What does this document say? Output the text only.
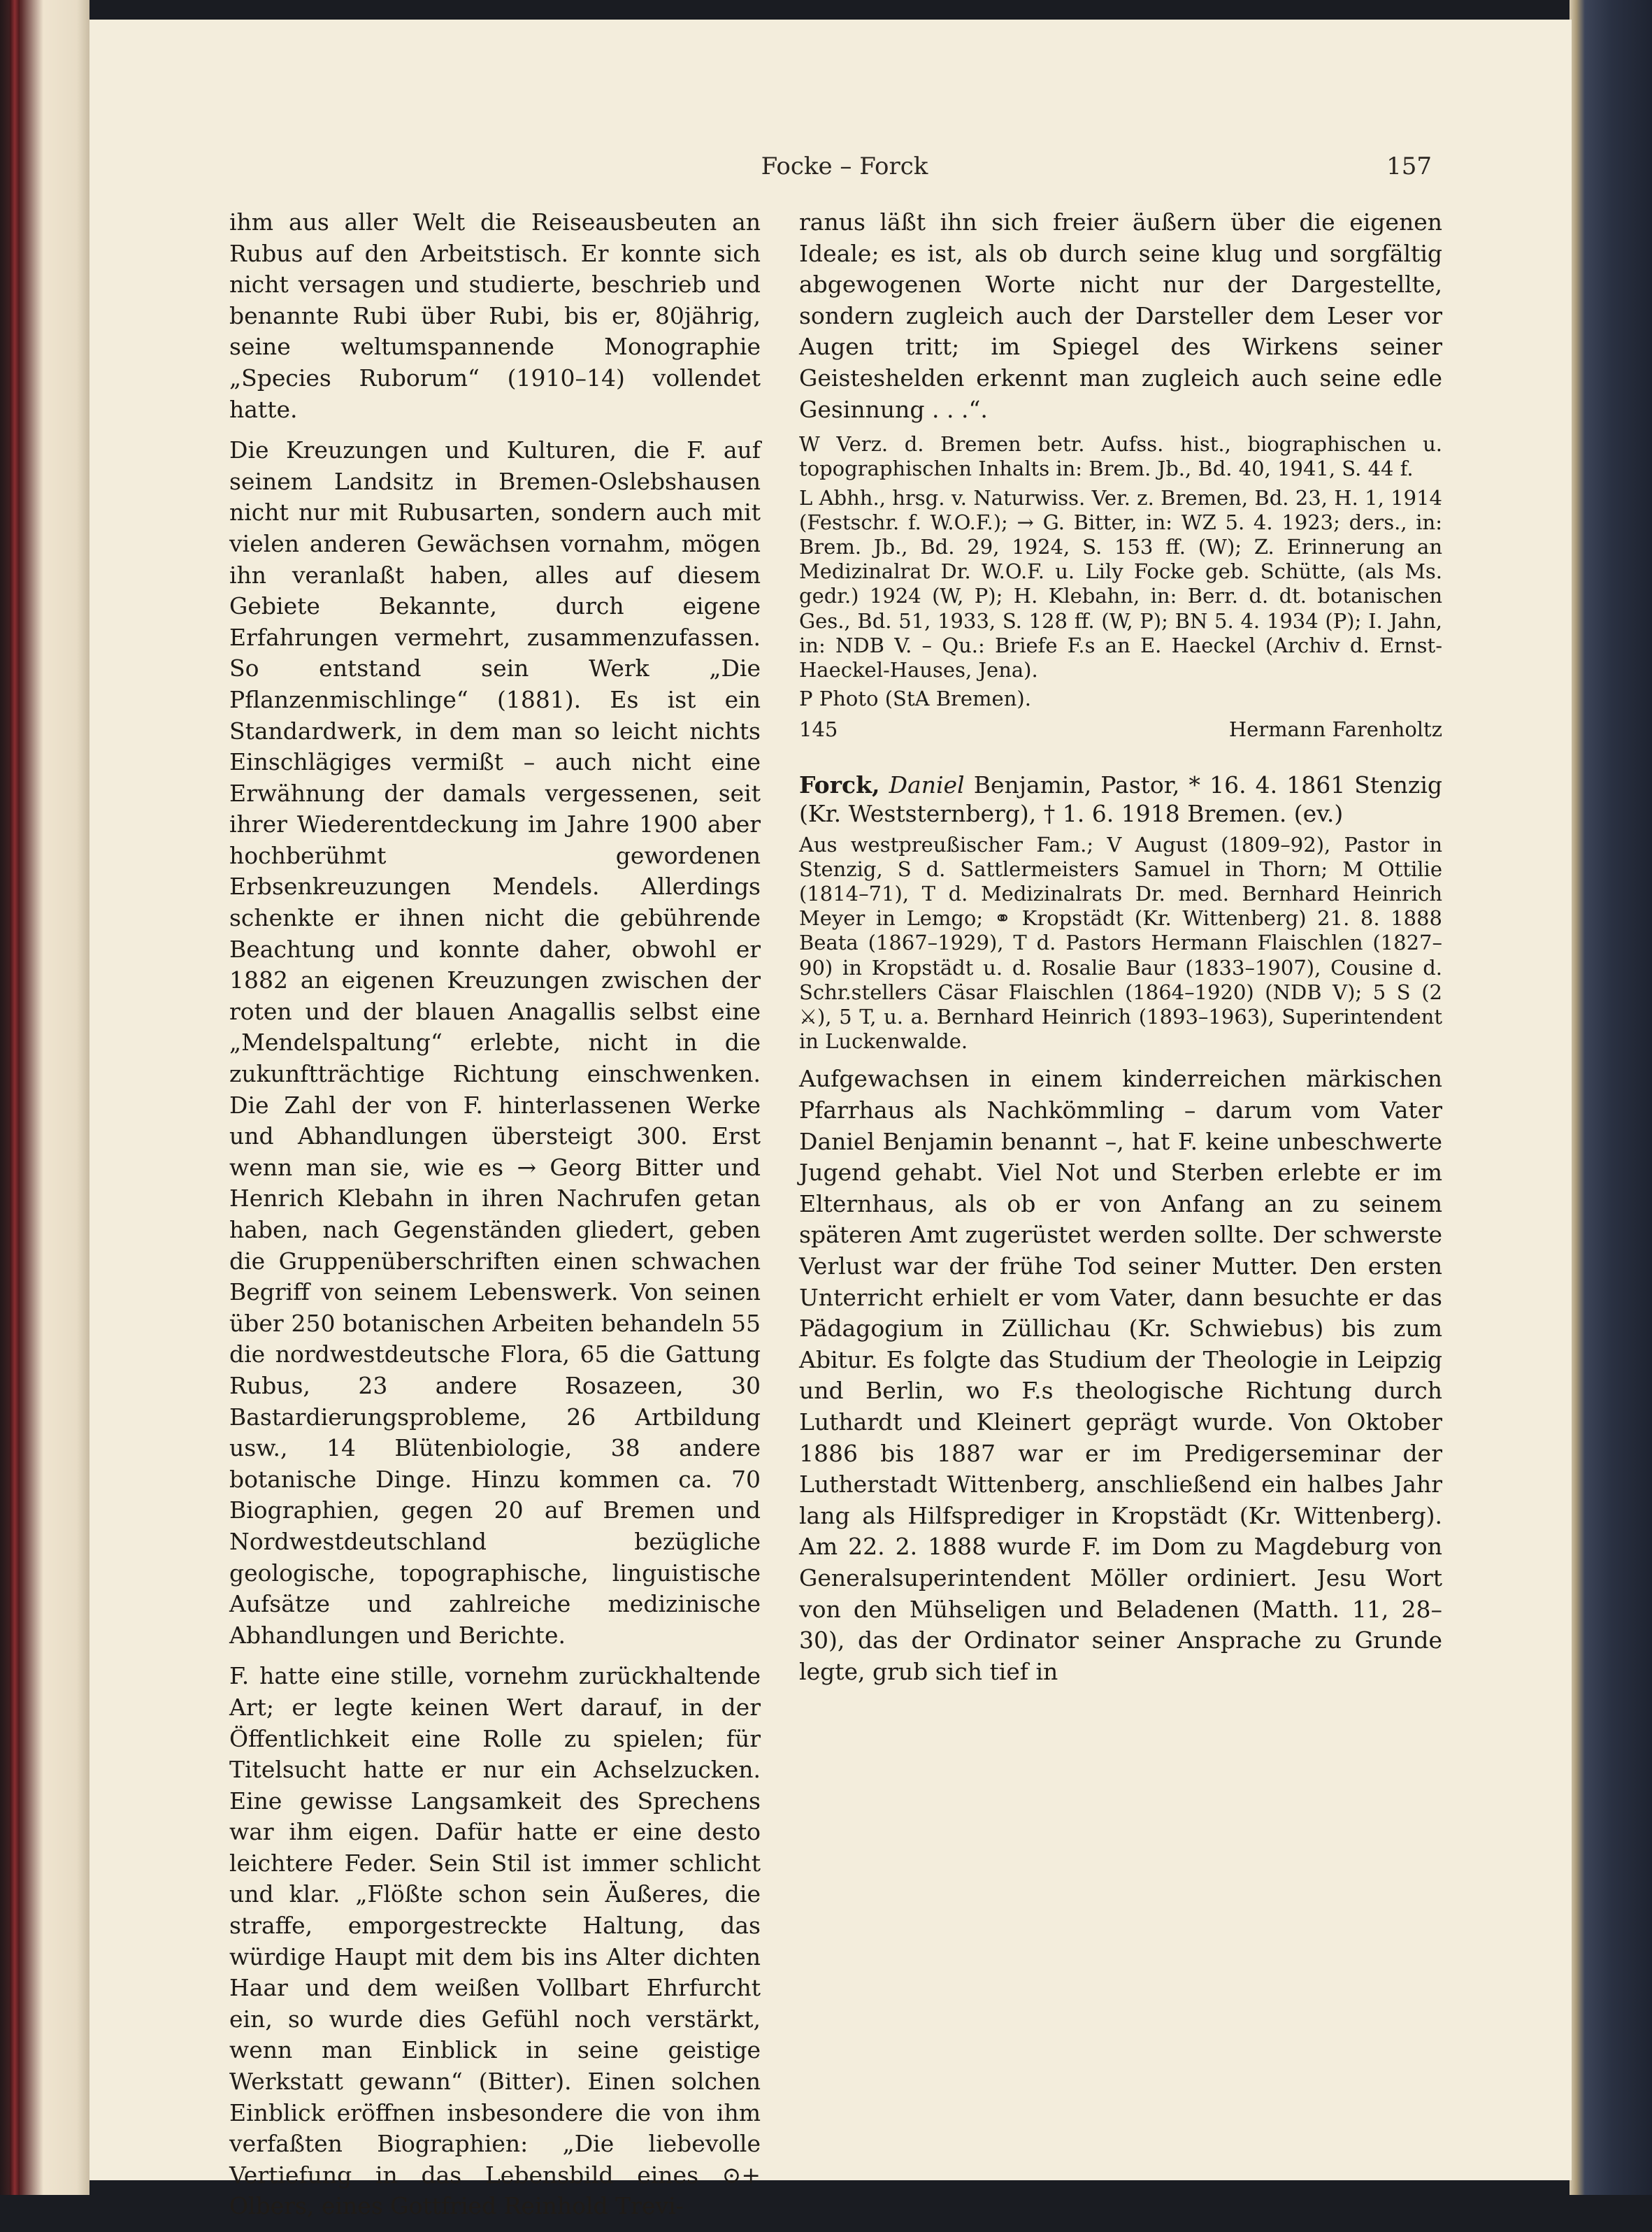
Focke – Forck	157

ihm aus aller Welt die Reiseausbeuten an Rubus auf den Arbeitstisch. Er konnte sich nicht versagen und studierte, beschrieb und benannte Rubi über Rubi, bis er, 80jährig, seine weltumspannende Monographie „Species Ruborum“ (1910–14) vollendet hatte.

Die Kreuzungen und Kulturen, die F. auf seinem Landsitz in Bremen-Oslebshausen nicht nur mit Rubusarten, sondern auch mit vielen anderen Gewächsen vornahm, mögen ihn veranlaßt haben, alles auf diesem Gebiete Bekannte, durch eigene Erfahrungen vermehrt, zusammenzufassen. So entstand sein Werk „Die Pflanzenmischlinge“ (1881). Es ist ein Standardwerk, in dem man so leicht nichts Einschlägiges vermißt – auch nicht eine Erwähnung der damals vergessenen, seit ihrer Wiederentdeckung im Jahre 1900 aber hochberühmt gewordenen Erbsenkreuzungen Mendels. Allerdings schenkte er ihnen nicht die gebührende Beachtung und konnte daher, obwohl er 1882 an eigenen Kreuzungen zwischen der roten und der blauen Anagallis selbst eine „Mendelspaltung“ erlebte, nicht in die zukunftträchtige Richtung einschwenken. Die Zahl der von F. hinterlassenen Werke und Abhandlungen übersteigt 300. Erst wenn man sie, wie es → Georg Bitter und Henrich Klebahn in ihren Nachrufen getan haben, nach Gegenständen gliedert, geben die Gruppenüberschriften einen schwachen Begriff von seinem Lebenswerk. Von seinen über 250 botanischen Arbeiten behandeln 55 die nordwestdeutsche Flora, 65 die Gattung Rubus, 23 andere Rosazeen, 30 Bastardierungsprobleme, 26 Artbildung usw., 14 Blütenbiologie, 38 andere botanische Dinge. Hinzu kommen ca. 70 Biographien, gegen 20 auf Bremen und Nordwestdeutschland bezügliche geologische, topographische, linguistische Aufsätze und zahlreiche medizinische Abhandlungen und Berichte.

F. hatte eine stille, vornehm zurückhaltende Art; er legte keinen Wert darauf, in der Öffentlichkeit eine Rolle zu spielen; für Titelsucht hatte er nur ein Achselzucken. Eine gewisse Langsamkeit des Sprechens war ihm eigen. Dafür hatte er eine desto leichtere Feder. Sein Stil ist immer schlicht und klar. „Flößte schon sein Äußeres, die straffe, emporgestreckte Haltung, das würdige Haupt mit dem bis ins Alter dichten Haar und dem weißen Vollbart Ehrfurcht ein, so wurde dies Gefühl noch verstärkt, wenn man Einblick in seine geistige Werkstatt gewann“ (Bitter). Einen solchen Einblick eröffnen insbesondere die von ihm verfaßten Biographien: „Die liebevolle Vertiefung in das Lebensbild eines ⊙+ Olbers, eines Gottfried Reinhold Trevi-

ranus läßt ihn sich freier äußern über die eigenen Ideale; es ist, als ob durch seine klug und sorgfältig abgewogenen Worte nicht nur der Dargestellte, sondern zugleich auch der Darsteller dem Leser vor Augen tritt; im Spiegel des Wirkens seiner Geisteshelden erkennt man zugleich auch seine edle Gesinnung . . .“.

W Verz. d. Bremen betr. Aufss. hist., biographischen u. topographischen Inhalts in: Brem. Jb., Bd. 40, 1941, S. 44 f.

L Abhh., hrsg. v. Naturwiss. Ver. z. Bremen, Bd. 23, H. 1, 1914 (Festschr. f. W.O.F.); → G. Bitter, in: WZ 5. 4. 1923; ders., in: Brem. Jb., Bd. 29, 1924, S. 153 ff. (W); Z. Erinnerung an Medizinalrat Dr. W.O.F. u. Lily Focke geb. Schütte, (als Ms. gedr.) 1924 (W, P); H. Klebahn, in: Berr. d. dt. botanischen Ges., Bd. 51, 1933, S. 128 ff. (W, P); BN 5. 4. 1934 (P); I. Jahn, in: NDB V. – Qu.: Briefe F.s an E. Haeckel (Archiv d. Ernst-Haeckel-Hauses, Jena).

P Photo (StA Bremen).

145	Hermann Farenholtz

Forck, Daniel Benjamin, Pastor, * 16. 4. 1861 Stenzig (Kr. Weststernberg), † 1. 6. 1918 Bremen. (ev.)

Aus westpreußischer Fam.; V August (1809–92), Pastor in Stenzig, S d. Sattlermeisters Samuel in Thorn; M Ottilie (1814–71), T d. Medizinalrats Dr. med. Bernhard Heinrich Meyer in Lemgo; ⚭ Kropstädt (Kr. Wittenberg) 21. 8. 1888 Beata (1867–1929), T d. Pastors Hermann Flaischlen (1827–90) in Kropstädt u. d. Rosalie Baur (1833–1907), Cousine d. Schr.stellers Cäsar Flaischlen (1864–1920) (NDB V); 5 S (2 ⚔), 5 T, u. a. Bernhard Heinrich (1893–1963), Superintendent in Luckenwalde.

Aufgewachsen in einem kinderreichen märkischen Pfarrhaus als Nachkömmling – darum vom Vater Daniel Benjamin benannt –, hat F. keine unbeschwerte Jugend gehabt. Viel Not und Sterben erlebte er im Elternhaus, als ob er von Anfang an zu seinem späteren Amt zugerüstet werden sollte. Der schwerste Verlust war der frühe Tod seiner Mutter. Den ersten Unterricht erhielt er vom Vater, dann besuchte er das Pädagogium in Züllichau (Kr. Schwiebus) bis zum Abitur. Es folgte das Studium der Theologie in Leipzig und Berlin, wo F.s theologische Richtung durch Luthardt und Kleinert geprägt wurde. Von Oktober 1886 bis 1887 war er im Predigerseminar der Lutherstadt Wittenberg, anschließend ein halbes Jahr lang als Hilfsprediger in Kropstädt (Kr. Wittenberg). Am 22. 2. 1888 wurde F. im Dom zu Magdeburg von Generalsuperintendent Möller ordiniert. Jesu Wort von den Mühseligen und Beladenen (Matth. 11, 28–30), das der Ordinator seiner Ansprache zu Grunde legte, grub sich tief in
